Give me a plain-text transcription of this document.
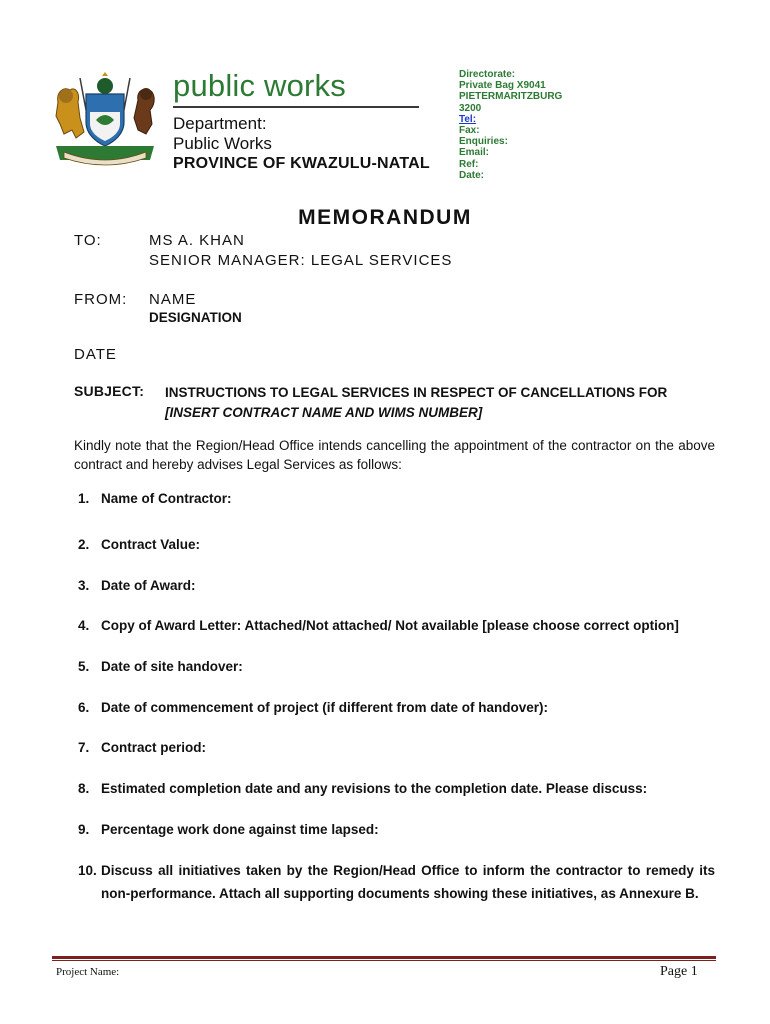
public works
Department:
Public Works
PROVINCE OF KWAZULU-NATAL
Directorate:
Private Bag X9041
PIETERMARITZBURG
3200
Tel:
Fax:
Enquiries:
Email:
Ref:
Date:
MEMORANDUM
TO:	MS A. KHAN
SENIOR MANAGER: LEGAL SERVICES
FROM: NAME
DESIGNATION
DATE
SUBJECT: INSTRUCTIONS TO LEGAL SERVICES IN RESPECT OF CANCELLATIONS FOR
[INSERT CONTRACT NAME AND WIMS NUMBER]
Kindly note that the Region/Head Office intends cancelling the appointment of the contractor on the above contract and hereby advises Legal Services as follows:
1. Name of Contractor:
2. Contract Value:
3. Date of Award:
4. Copy of Award Letter: Attached/Not attached/ Not available [please choose correct option]
5. Date of site handover:
6. Date of commencement of project (if different from date of handover):
7. Contract period:
8. Estimated completion date and any revisions to the completion date. Please discuss:
9. Percentage work done against time lapsed:
10. Discuss all initiatives taken by the Region/Head Office to inform the contractor to remedy its non-performance. Attach all supporting documents showing these initiatives, as Annexure B.
Project Name:	Page 1
